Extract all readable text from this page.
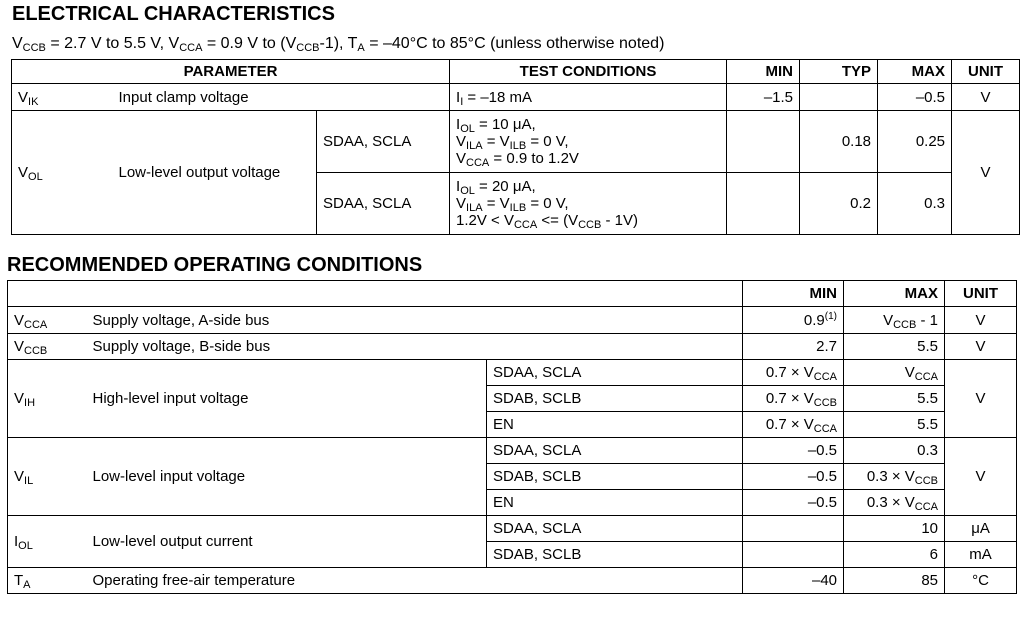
ELECTRICAL CHARACTERISTICS
$V_{CCB} = 2.7$ V to 5.5 V, $V_{CCA} = 0.9$ V to $(V_{CCB}-1)$, $T_A = -40^\circ C$ to 85°C (unless otherwise noted)
PARAMETER			TEST CONDITIONS	MIN	TYP	MAX	UNIT
$V_{IK}$	Input clamp voltage		$I_I = -18$ mA	–1.5		–0.5	V
$V_{OL}$	Low-level output voltage	SDAA, SCLA	$I_{OL} = 10$ μA,
$V_{ILA} = V_{ILB} = 0$ V,
$V_{CCA} = 0.9$ to 1.2V		0.18	0.25	V
		SDAA, SCLA	$I_{OL} = 20$ μA,
$V_{ILA} = V_{ILB} = 0$ V,
$1.2V < V_{CCA} <= (V_{CCB} - 1V)$		0.2	0.3	
RECOMMENDED OPERATING CONDITIONS
			MIN	MAX	UNIT
$V_{CCA}$	Supply voltage, A-side bus		0.9$^{(1)}$	$V_{CCB} - 1$	V
$V_{CCB}$	Supply voltage, B-side bus		2.7	5.5	V
$V_{IH}$	High-level input voltage	SDAA, SCLA	$0.7 \times V_{CCA}$	$V_{CCA}$	V
		SDAB, SCLB	$0.7 \times V_{CCB}$	5.5	
		EN	$0.7 \times V_{CCA}$	5.5	
$V_{IL}$	Low-level input voltage	SDAA, SCLA	–0.5	0.3	V
		SDAB, SCLB	–0.5	$0.3 \times V_{CCB}$
		EN	–0.5	$0.3 \times V_{CCA}$
$I_{OL}$	Low-level output current	SDAA, SCLA		10	μA
		SDAB, SCLB		6	mA
$T_A$	Operating free-air temperature		–40	85	°C
